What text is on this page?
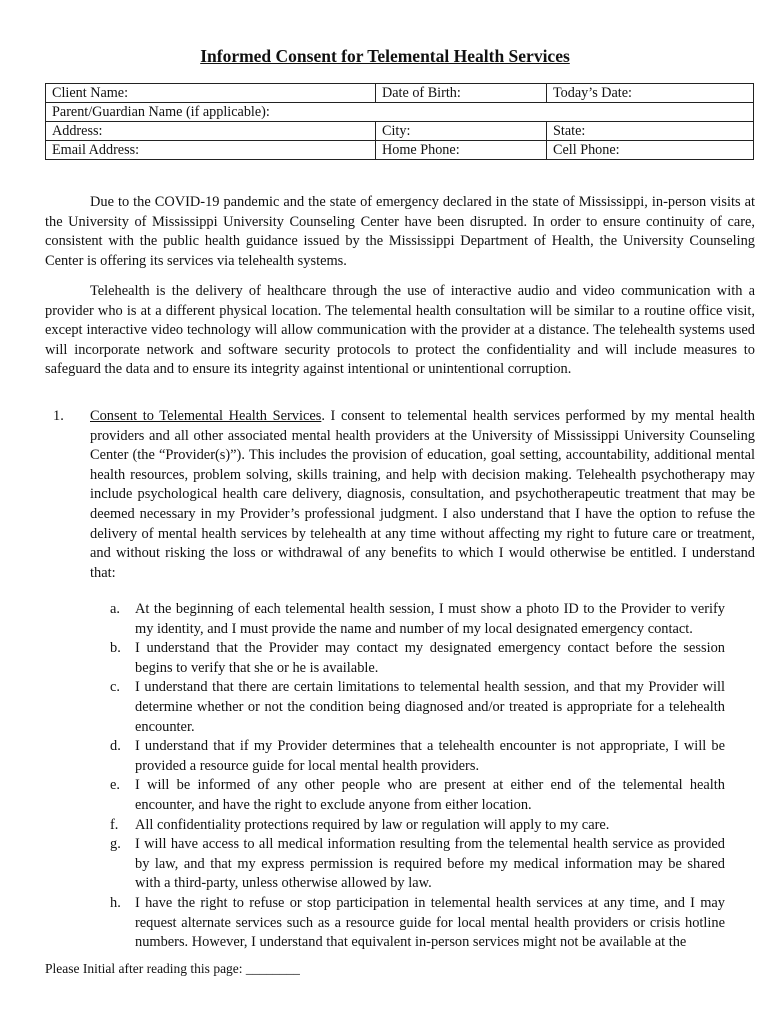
Informed Consent for Telemental Health Services
Client Name:	Date of Birth:	Today’s Date:
Parent/Guardian Name (if applicable):		
Address:	City:	State:
Email Address:	Home Phone:	Cell Phone:

Due to the COVID-19 pandemic and the state of emergency declared in the state of Mississippi, in-person visits at the University of Mississippi University Counseling Center have been disrupted. In order to ensure continuity of care, consistent with the public health guidance issued by the Mississippi Department of Health, the University Counseling Center is offering its services via telehealth systems.

Telehealth is the delivery of healthcare through the use of interactive audio and video communication with a provider who is at a different physical location. The telemental health consultation will be similar to a routine office visit, except interactive video technology will allow communication with the provider at a distance. The telehealth systems used will incorporate network and software security protocols to protect the confidentiality and will include measures to safeguard the data and to ensure its integrity against intentional or unintentional corruption.

1. Consent to Telemental Health Services. I consent to telemental health services performed by my mental health providers and all other associated mental health providers at the University of Mississippi University Counseling Center (the “Provider(s)”). This includes the provision of education, goal setting, accountability, additional mental health resources, problem solving, skills training, and help with decision making. Telehealth psychotherapy may include psychological health care delivery, diagnosis, consultation, and psychotherapeutic treatment that may be deemed necessary in my Provider’s professional judgment. I also understand that I have the option to refuse the delivery of mental health services by telehealth at any time without affecting my right to future care or treatment, and without risking the loss or withdrawal of any benefits to which I would otherwise be entitled. I understand that:

a.	At the beginning of each telemental health session, I must show a photo ID to the Provider to verify my identity, and I must provide the name and number of my local designated emergency contact.
b. I understand that the Provider may contact my designated emergency contact before the session begins to verify that she or he is available.
c.	I understand that there are certain limitations to telemental health session, and that my Provider will determine whether or not the condition being diagnosed and/or treated is appropriate for a telehealth encounter.
d. I understand that if my Provider determines that a telehealth encounter is not appropriate, I will be provided a resource guide for local mental health providers.
e.	I will be informed of any other people who are present at either end of the telemental health encounter, and have the right to exclude anyone from either location.
f.	All confidentiality protections required by law or regulation will apply to my care.
g. I will have access to all medical information resulting from the telemental health service as provided by law, and that my express permission is required before my medical information may be shared with a third-party, unless otherwise allowed by law.
h. I have the right to refuse or stop participation in telemental health services at any time, and I may request alternate services such as a resource guide for local mental health providers or crisis hotline numbers. However, I understand that equivalent in-person services might not be available at the
Please Initial after reading this page: ________
